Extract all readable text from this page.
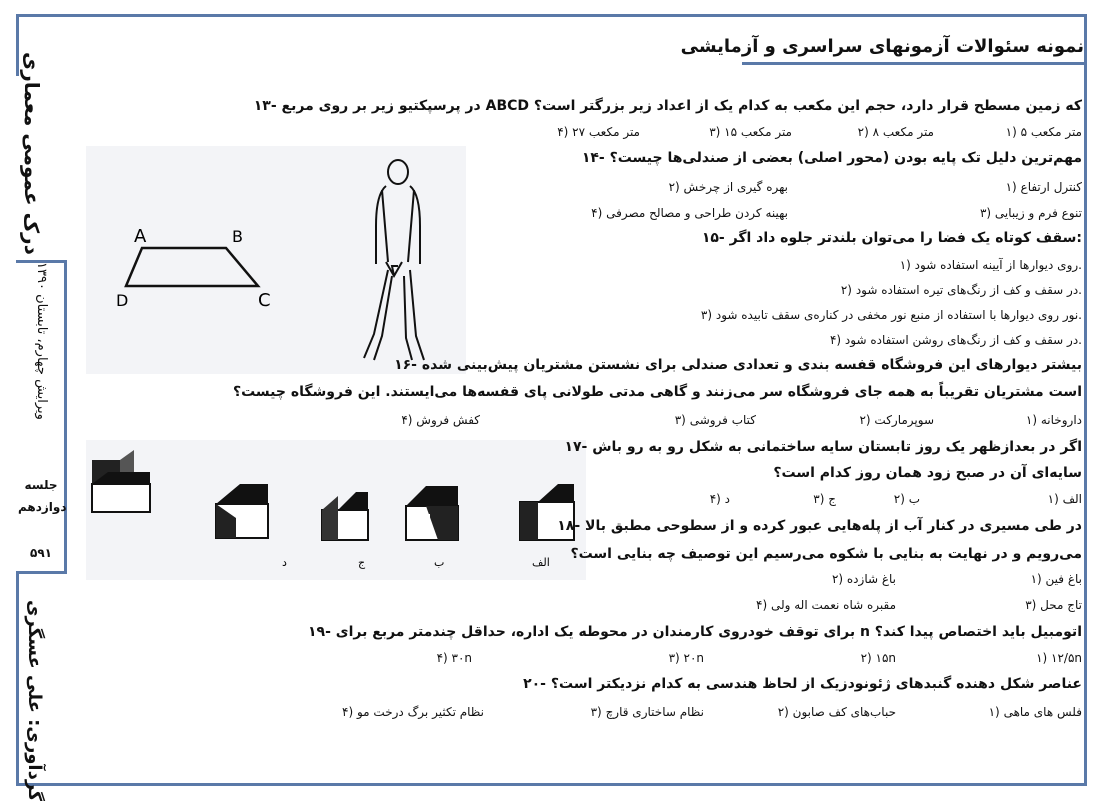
نمونه سئوالات آزمونهای سراسری و آزمایشی
درک عمومی معماری
ویرایش چهارم، تابستان ۱۳۹۰
جلسه
دوازدهم
۵۹۱
گردآوری: علی عسگری
A	B
D	C
د	ج	ب	الف
۱۳- در پرسپکتیو زیر بر روی مربع ABCD که زمین مسطح قرار دارد، حجم این مکعب به کدام یک از اعداد زیر بزرگتر است؟
۱) ۵ متر مکعب
۲) ۸ متر مکعب
۳) ۱۵ متر مکعب
۴) ۲۷ متر مکعب
۱۴- مهم‌ترین دلیل تک پایه بودن (محور اصلی) بعضی از صندلی‌ها چیست؟
۱) کنترل ارتفاع
۲) بهره گیری از چرخش
۳) تنوع فرم و زیبایی
۴) بهینه کردن طراحی و مصالح مصرفی
۱۵- سقف کوتاه یک فضا را می‌توان بلندتر جلوه داد اگر:
۱) روی دیوارها از آیینه استفاده شود.
۲) در سقف و کف از رنگ‌های تیره استفاده شود.
۳) نور روی دیوارها با استفاده از منبع نور مخفی در کناره‌ی سقف تابیده شود.
۴) در سقف و کف از رنگ‌های روشن استفاده شود.
۱۶- بیشتر دیوارهای این فروشگاه قفسه بندی و تعدادی صندلی برای نشستن مشتریان پیش‌بینی شده
است مشتریان تقریباً به همه جای فروشگاه سر می‌زنند و گاهی مدتی طولانی پای قفسه‌ها می‌ایستند. این فروشگاه چیست؟
۱) داروخانه
۲) سوپرمارکت
۳) کتاب فروشی
۴) کفش فروش
۱۷- اگر در بعدازظهر یک روز تابستان سایه ساختمانی به شکل رو به رو باش
سایه‌ای آن در صبح زود همان روز کدام است؟
۱) الف
۲) ب
۳) ج
۴) د
۱۸- در طی مسیری در کنار آب از پله‌هایی عبور کرده و از سطوحی مطبق بالا
می‌رویم و در نهایت به بنایی با شکوه می‌رسیم این توصیف چه بنایی است؟
۱) باغ فین
۲) باغ شازده
۳) تاج محل
۴) مقبره شاه نعمت اله ولی
۱۹- برای توقف خودروی کارمندان در محوطه یک اداره، حداقل چندمتر مربع برای n اتومبیل باید اختصاص پیدا کند؟
۱) ۱۲/۵n
۲) ۱۵n
۳) ۲۰n
۴) ۳۰n
۲۰- عناصر شکل دهنده گنبدهای ژئونودزیک از لحاظ هندسی به کدام نزدیکتر است؟
۱) فلس های ماهی
۲) حباب‌های کف صابون
۳) نظام ساختاری قارچ
۴) نظام تکثیر برگ درخت مو
